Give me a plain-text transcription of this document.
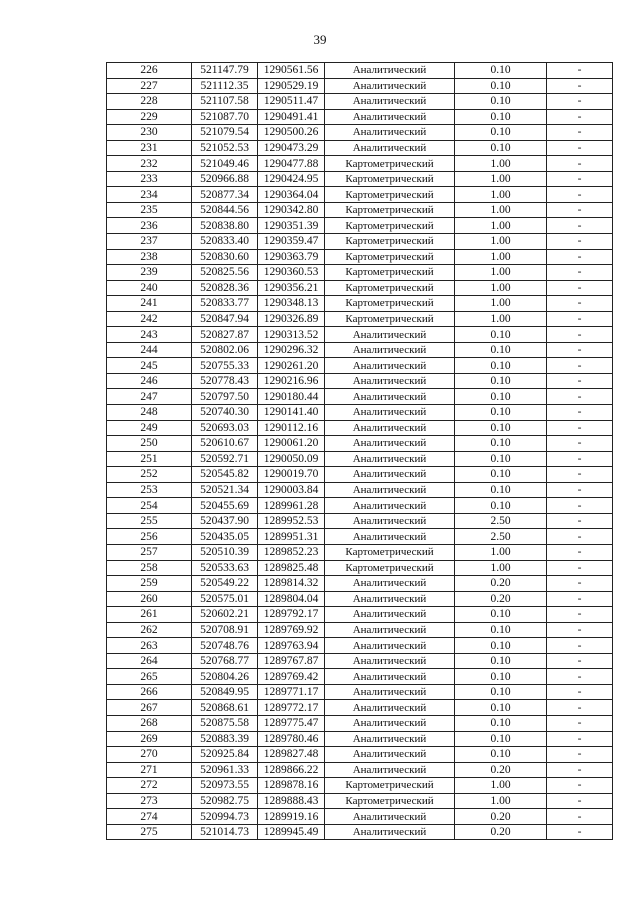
39
226	521147.79	1290561.56	Аналитический	0.10	-
227	521112.35	1290529.19	Аналитический	0.10	-
228	521107.58	1290511.47	Аналитический	0.10	-
229	521087.70	1290491.41	Аналитический	0.10	-
230	521079.54	1290500.26	Аналитический	0.10	-
231	521052.53	1290473.29	Аналитический	0.10	-
232	521049.46	1290477.88	Картометрический	1.00	-
233	520966.88	1290424.95	Картометрический	1.00	-
234	520877.34	1290364.04	Картометрический	1.00	-
235	520844.56	1290342.80	Картометрический	1.00	-
236	520838.80	1290351.39	Картометрический	1.00	-
237	520833.40	1290359.47	Картометрический	1.00	-
238	520830.60	1290363.79	Картометрический	1.00	-
239	520825.56	1290360.53	Картометрический	1.00	-
240	520828.36	1290356.21	Картометрический	1.00	-
241	520833.77	1290348.13	Картометрический	1.00	-
242	520847.94	1290326.89	Картометрический	1.00	-
243	520827.87	1290313.52	Аналитический	0.10	-
244	520802.06	1290296.32	Аналитический	0.10	-
245	520755.33	1290261.20	Аналитический	0.10	-
246	520778.43	1290216.96	Аналитический	0.10	-
247	520797.50	1290180.44	Аналитический	0.10	-
248	520740.30	1290141.40	Аналитический	0.10	-
249	520693.03	1290112.16	Аналитический	0.10	-
250	520610.67	1290061.20	Аналитический	0.10	-
251	520592.71	1290050.09	Аналитический	0.10	-
252	520545.82	1290019.70	Аналитический	0.10	-
253	520521.34	1290003.84	Аналитический	0.10	-
254	520455.69	1289961.28	Аналитический	0.10	-
255	520437.90	1289952.53	Аналитический	2.50	-
256	520435.05	1289951.31	Аналитический	2.50	-
257	520510.39	1289852.23	Картометрический	1.00	-
258	520533.63	1289825.48	Картометрический	1.00	-
259	520549.22	1289814.32	Аналитический	0.20	-
260	520575.01	1289804.04	Аналитический	0.20	-
261	520602.21	1289792.17	Аналитический	0.10	-
262	520708.91	1289769.92	Аналитический	0.10	-
263	520748.76	1289763.94	Аналитический	0.10	-
264	520768.77	1289767.87	Аналитический	0.10	-
265	520804.26	1289769.42	Аналитический	0.10	-
266	520849.95	1289771.17	Аналитический	0.10	-
267	520868.61	1289772.17	Аналитический	0.10	-
268	520875.58	1289775.47	Аналитический	0.10	-
269	520883.39	1289780.46	Аналитический	0.10	-
270	520925.84	1289827.48	Аналитический	0.10	-
271	520961.33	1289866.22	Аналитический	0.20	-
272	520973.55	1289878.16	Картометрический	1.00	-
273	520982.75	1289888.43	Картометрический	1.00	-
274	520994.73	1289919.16	Аналитический	0.20	-
275	521014.73	1289945.49	Аналитический	0.20	-
